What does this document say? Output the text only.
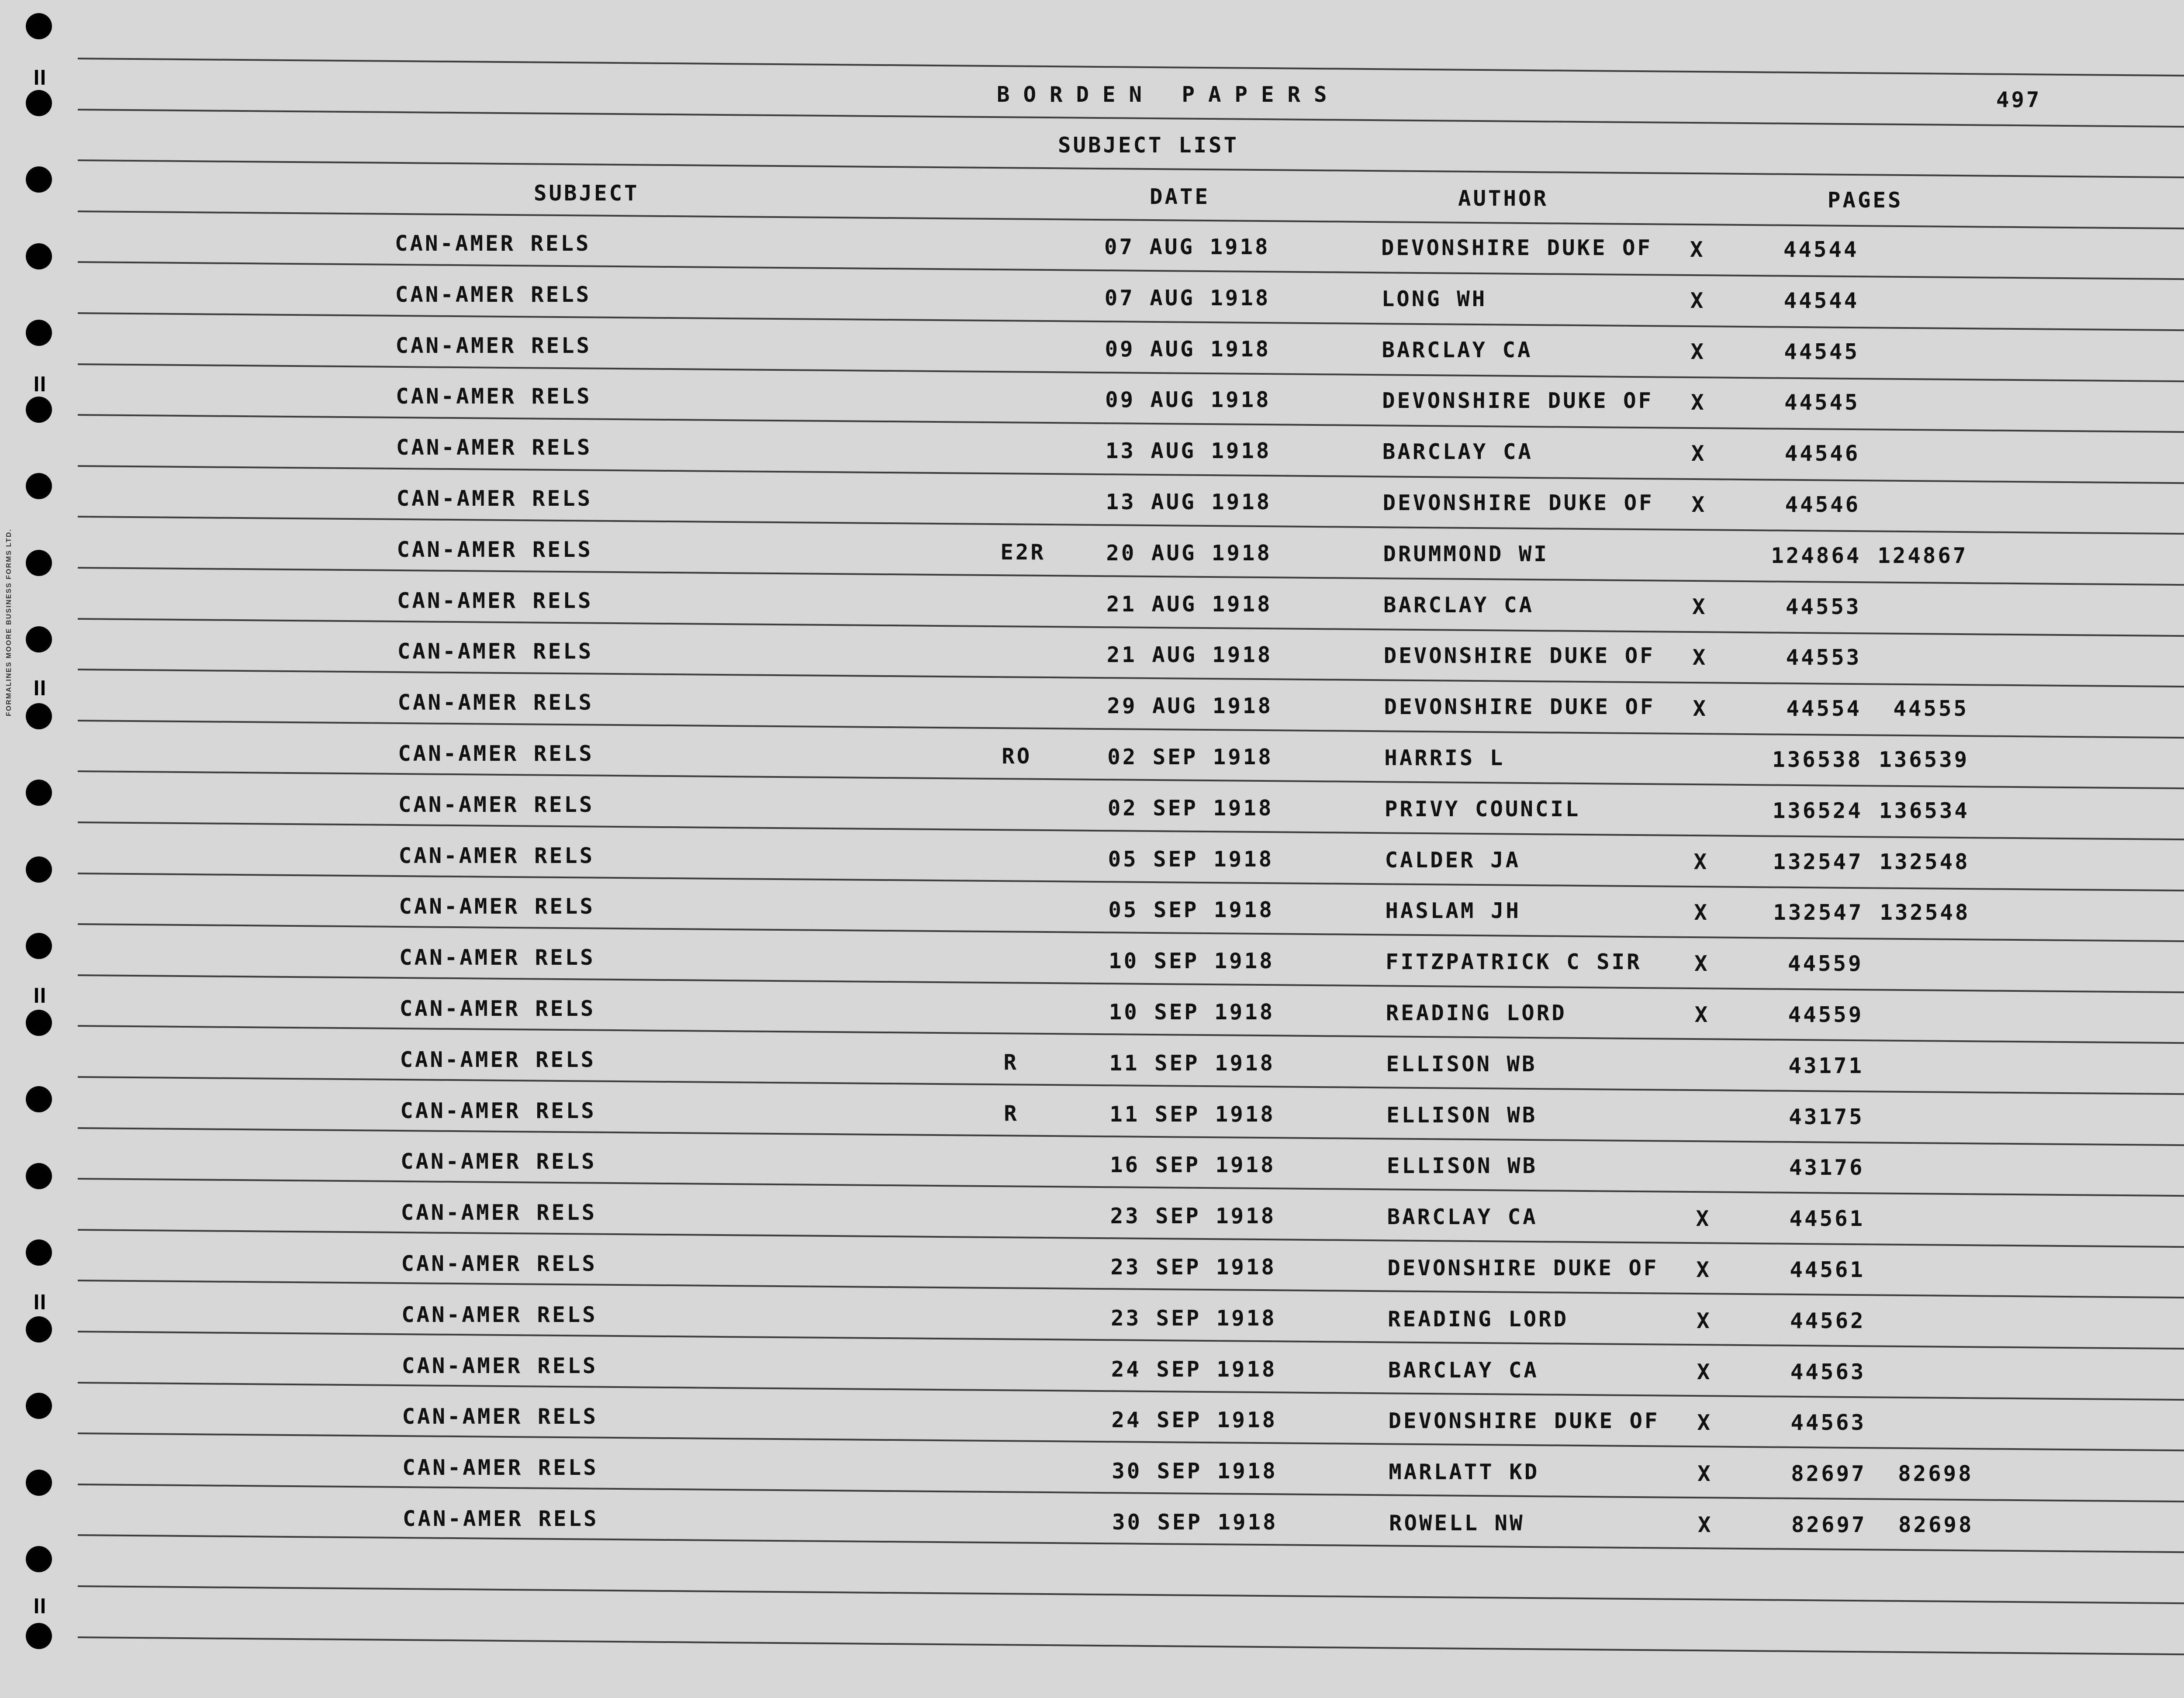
FORMALINES MOORE BUSINESS FORMS LTD.
BORDEN PAPERS	497
SUBJECT LIST
SUBJECT	DATE	AUTHOR	PAGES
CAN-AMER RELS	07 AUG 1918	DEVONSHIRE DUKE OF X	44544
CAN-AMER RELS	07 AUG 1918	LONG WH	X	44544
CAN-AMER RELS	09 AUG 1918	BARCLAY CA	X	44545
CAN-AMER RELS	09 AUG 1918	DEVONSHIRE DUKE OF X	44545
CAN-AMER RELS	13 AUG 1918	BARCLAY CA	X	44546
CAN-AMER RELS	13 AUG 1918	DEVONSHIRE DUKE OF X	44546
CAN-AMER RELS	E2R	20 AUG 1918	DRUMMOND WI	124864 124867
CAN-AMER RELS	21 AUG 1918	BARCLAY CA	X	44553
CAN-AMER RELS	21 AUG 1918	DEVONSHIRE DUKE OF X	44553
CAN-AMER RELS	29 AUG 1918	DEVONSHIRE DUKE OF X	44554 44555
CAN-AMER RELS	RO	02 SEP 1918	HARRIS L	136538 136539
CAN-AMER RELS	02 SEP 1918	PRIVY COUNCIL	136524 136534
CAN-AMER RELS	05 SEP 1918	CALDER JA	X	132547 132548
CAN-AMER RELS	05 SEP 1918	HASLAM JH	X	132547 132548
CAN-AMER RELS	10 SEP 1918	FITZPATRICK C SIR X	44559
CAN-AMER RELS	10 SEP 1918	READING LORD	X	44559
CAN-AMER RELS	R	11 SEP 1918	ELLISON WB	43171
CAN-AMER RELS	R	11 SEP 1918	ELLISON WB	43175
CAN-AMER RELS	16 SEP 1918	ELLISON WB	43176
CAN-AMER RELS	23 SEP 1918	BARCLAY CA	X	44561
CAN-AMER RELS	23 SEP 1918	DEVONSHIRE DUKE OF X	44561
CAN-AMER RELS	23 SEP 1918	READING LORD	X	44562
CAN-AMER RELS	24 SEP 1918	BARCLAY CA	X	44563
CAN-AMER RELS	24 SEP 1918	DEVONSHIRE DUKE OF X	44563
CAN-AMER RELS	30 SEP 1918	MARLATT KD	X	82697 82698
CAN-AMER RELS	30 SEP 1918	ROWELL NW	X	82697 82698
